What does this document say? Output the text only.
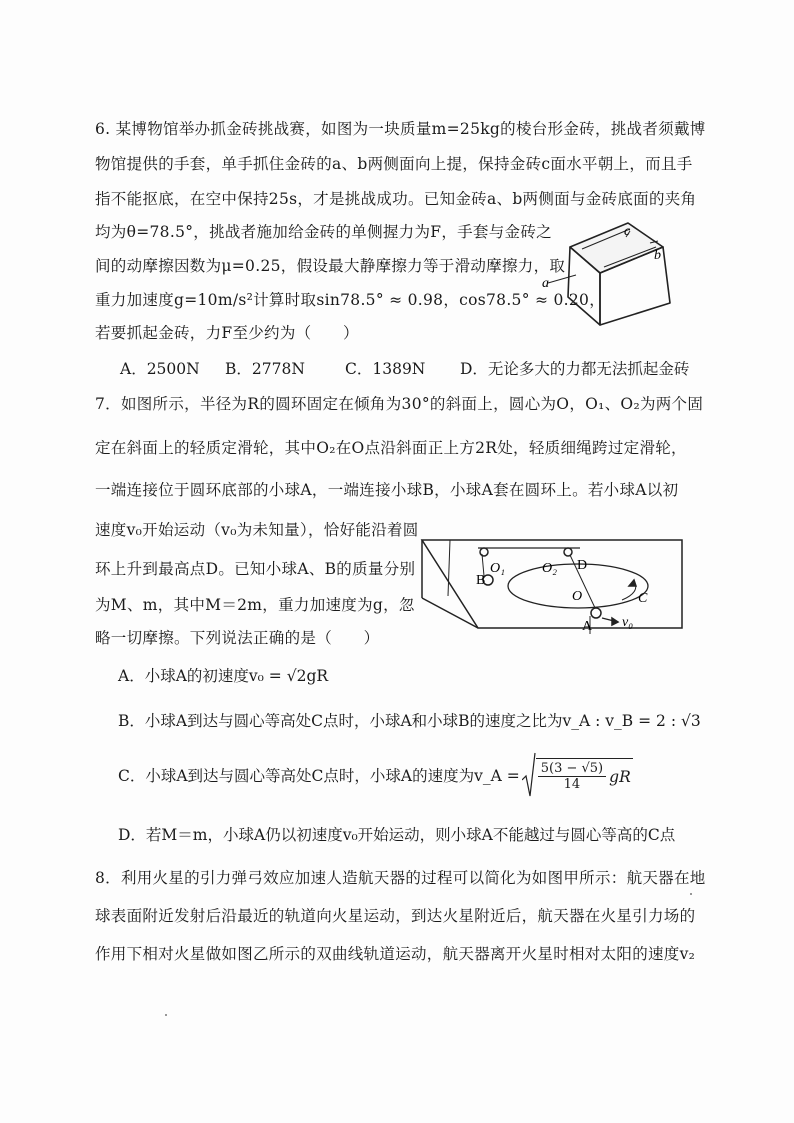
6. 某博物馆举办抓金砖挑战赛，如图为一块质量m=25kg的棱台形金砖，挑战者须戴博
物馆提供的手套，单手抓住金砖的a、b两侧面向上提，保持金砖c面水平朝上，而且手
指不能抠底，在空中保持25s，才是挑战成功。已知金砖a、b两侧面与金砖底面的夹角
均为θ=78.5°，挑战者施加给金砖的单侧握力为F，手套与金砖之
间的动摩擦因数为μ=0.25，假设最大静摩擦力等于滑动摩擦力，取
重力加速度g=10m/s²计算时取sin78.5° ≈ 0.98，cos78.5° ≈ 0.20，
若要抓起金砖，力F至少约为（　　）
A．2500N B．2778N	C．1389N D．无论多大的力都无法抓起金砖
c
b
a
7．如图所示，半径为R的圆环固定在倾角为30°的斜面上，圆心为O，O₁、O₂为两个固
定在斜面上的轻质定滑轮，其中O₂在O点沿斜面正上方2R处，轻质细绳跨过定滑轮，
一端连接位于圆环底部的小球A，一端连接小球B，小球A套在圆环上。若小球A以初
速度v₀开始运动（v₀为未知量），恰好能沿着圆
环上升到最高点D。已知小球A、B的质量分别
为M、m，其中M＝2m，重力加速度为g，忽
略一切摩擦。下列说法正确的是（　　）
O₁	O₂ D
B
O	C
A v₀
A．小球A的初速度v₀ = √2gR
B．小球A到达与圆心等高处C点时，小球A和小球B的速度之比为v_A : v_B = 2 : √3
C．小球A到达与圆心等高处C点时，小球A的速度为v_A = $\frac{5(3 - √5)}{14}$ gR
D．若M＝m，小球A仍以初速度v₀开始运动，则小球A不能越过与圆心等高的C点
8．利用火星的引力弹弓效应加速人造航天器的过程可以简化为如图甲所示：航天器在地
球表面附近发射后沿最近的轨道向火星运动，到达火星附近后，航天器在火星引力场的
作用下相对火星做如图乙所示的双曲线轨道运动，航天器离开火星时相对太阳的速度v₂
